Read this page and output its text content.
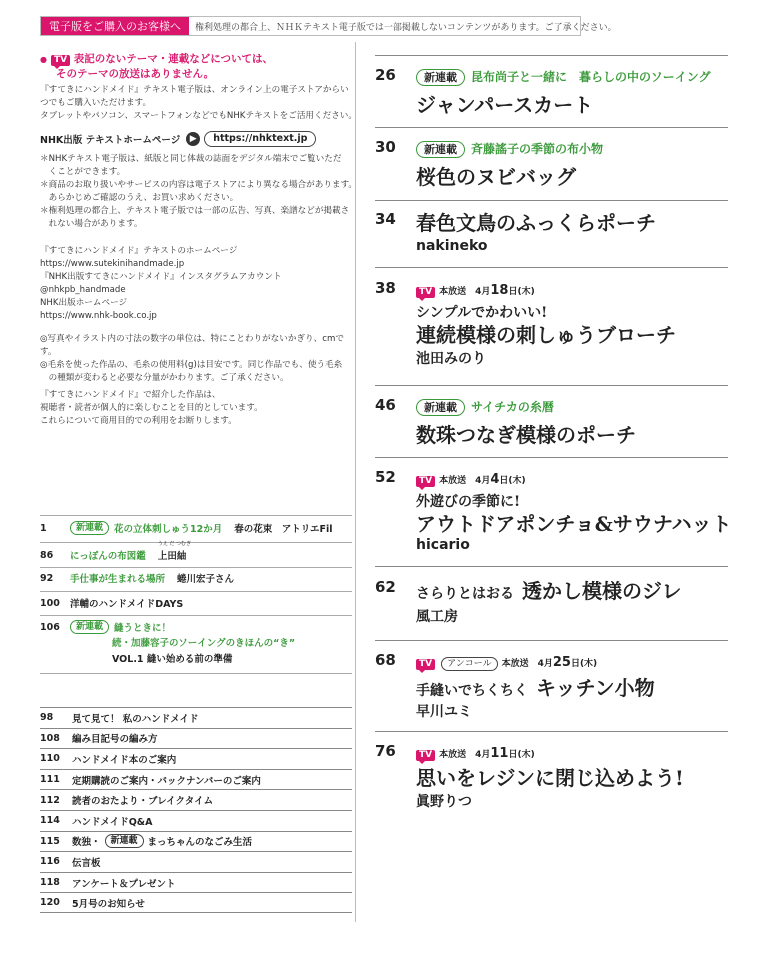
電子版をご購入のお客様へ	権利処理の都合上、ＮＨＫテキスト電子版では一部掲載しないコンテンツがあります。ご了承ください。
● TV 表記のないテーマ・連載などについては、
そのテーマの放送はありません。
『すてきにハンドメイド』テキスト電子版は、オンライン上の電子ストアからい
つでもご購入いただけます。
タブレットやパソコン、スマートフォンなどでもNHKテキストをご活用ください。
NHK出版 テキストホームページ	▶	https://nhktext.jp
＊NHKテキスト電子版は、紙版と同じ体裁の誌面をデジタル端末でご覧いただ
　くことができます。
＊商品のお取り扱いやサービスの内容は電子ストアにより異なる場合があります。
　あらかじめご確認のうえ、お買い求めください。
＊権利処理の都合上、テキスト電子版では一部の広告、写真、楽譜などが掲載さ
　れない場合があります。
『すてきにハンドメイド』テキストのホームページ
https://www.sutekinihandmade.jp
『NHK出版すてきにハンドメイド』インスタグラムアカウント
@nhkpb_handmade
NHK出版ホームページ
https://www.nhk-book.co.jp
◎写真やイラスト内の寸法の数字の単位は、特にことわりがないかぎり、cmです。
◎毛糸を使った作品の、毛糸の使用料(g)は目安です。同じ作品でも、使う毛糸
　の種類が変わると必要な分量がかわります。ご了承ください。
『すてきにハンドメイド』で紹介した作品は、
視聴者・読者が個人的に楽しむことを目的としています。
これらについて商用目的での利用をお断りします。
1	新連載	花の立体刺しゅう12か月 春の花束　アトリエFil
86	にっぽんの布図鑑
うえ だ つむぎ
上田紬
92	手仕事が生まれる場所 蜷川宏子さん
100	洋輔のハンドメイドDAYS
106	新連載	縫うときに！
続・加藤容子のソーイングのきほんの“き”
VOL.1 縫い始める前の準備
98	見て見て！ 私のハンドメイド
108	編み目記号の編み方
110	ハンドメイド本のご案内
111	定期購読のご案内・バックナンバーのご案内
112	読者のおたより・ブレイクタイム
114	ハンドメイドQ&A
115	数独・	新連載	まっちゃんのなごみ生活
116	伝言板
118	アンケート＆プレゼント
120	5月号のお知らせ
26	新連載 昆布尚子と一緒に　暮らしの中のソーイング
ジャンパースカート
30	新連載 斉藤謠子の季節の布小物
桜色のヌビバッグ
34 春色文鳥のふっくらポーチ
nakineko
38	TV 本放送　4月18日(木)
シンプルでかわいい!
連続模様の刺しゅうブローチ
池田みのり
46	新連載 サイチカの糸暦
数珠つなぎ模様のポーチ
52	TV 本放送　4月4日(木)
外遊びの季節に!
アウトドアポンチョ&サウナハット
hicario
62 さらりとはおる 透かし模様のジレ
風工房
68	TV アンコール 本放送　4月25日(木)
手縫いでちくちく キッチン小物
早川ユミ
76	TV 本放送　4月11日(木)
思いをレジンに閉じ込めよう!
眞野りつ
